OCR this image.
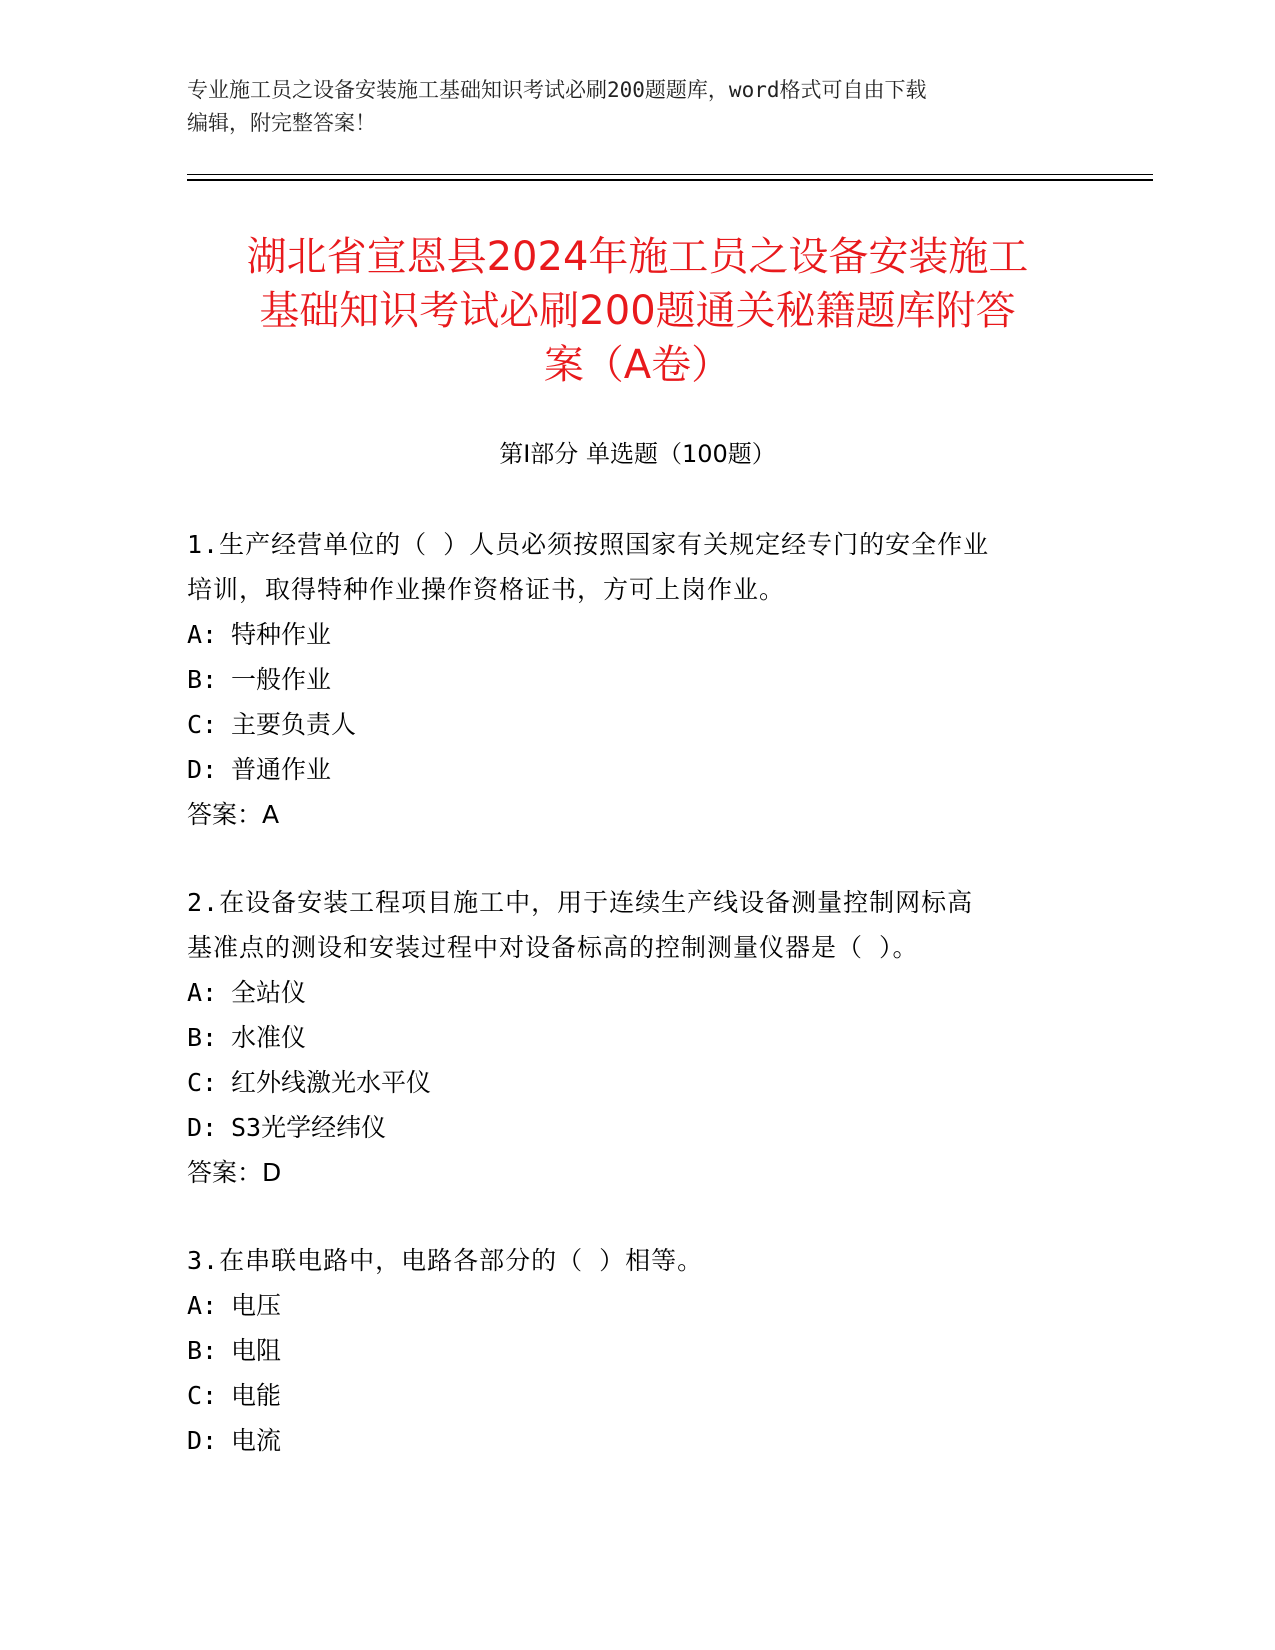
专业施工员之设备安装施工基础知识考试必刷200题题库，word格式可自由下载
编辑，附完整答案！
湖北省宣恩县2024年施工员之设备安装施工
基础知识考试必刷200题通关秘籍题库附答
案（A卷）
第Ⅰ部分 单选题（100题）
1.生产经营单位的（ ）人员必须按照国家有关规定经专门的安全作业
培训，取得特种作业操作资格证书，方可上岗作业。
A: 特种作业
B: 一般作业
C: 主要负责人
D: 普通作业
答案：A
2.在设备安装工程项目施工中，用于连续生产线设备测量控制网标高
基准点的测设和安装过程中对设备标高的控制测量仪器是（ ）。
A: 全站仪
B: 水准仪
C: 红外线激光水平仪
D: S3光学经纬仪
答案：D
3.在串联电路中，电路各部分的（ ）相等。
A: 电压
B: 电阻
C: 电能
D: 电流
